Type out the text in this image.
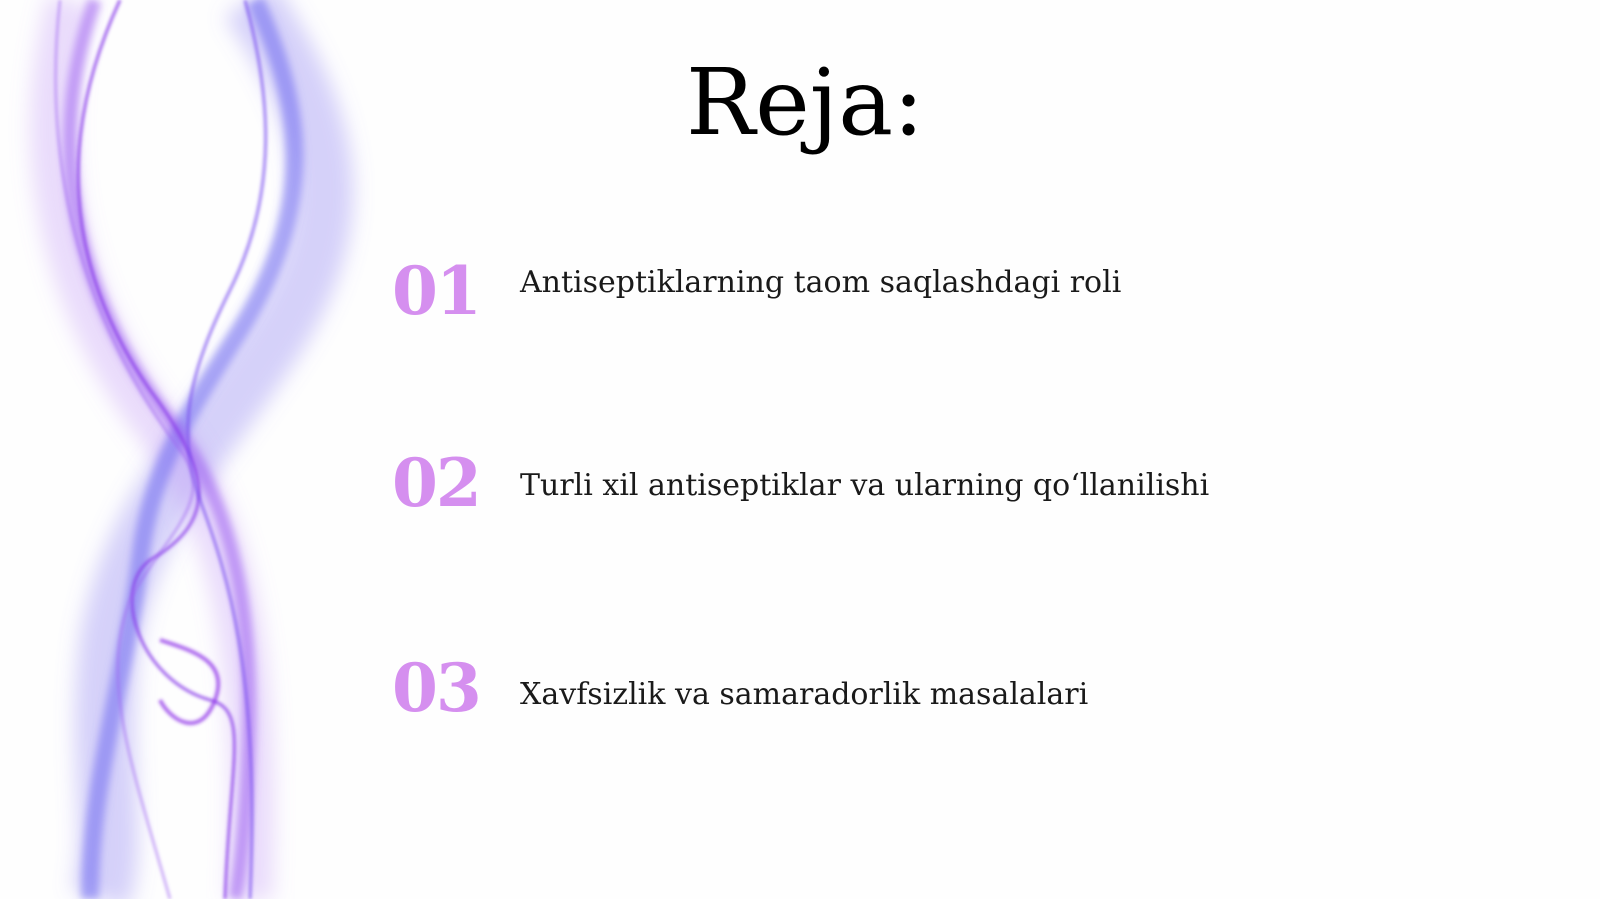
Reja:
01 Antiseptiklarning taom saqlashdagi roli
02 Turli xil antiseptiklar va ularning qo‘llanilishi
03 Xavfsizlik va samaradorlik masalalari
